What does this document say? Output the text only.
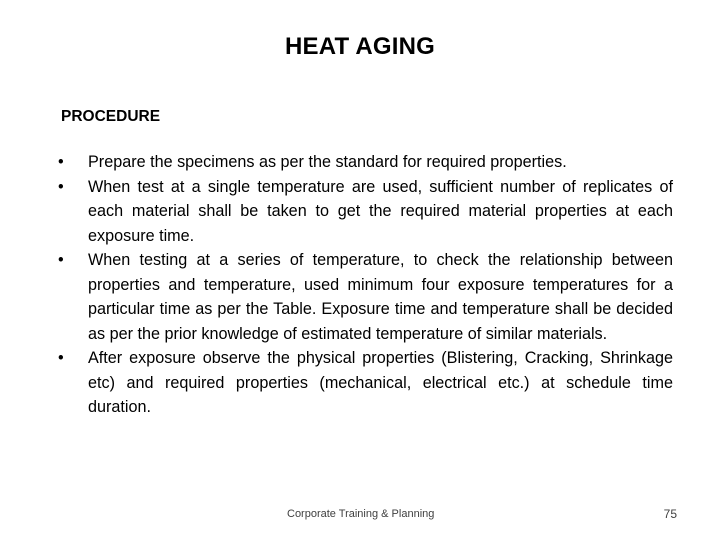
HEAT AGING
PROCEDURE
•	Prepare the specimens as per the standard for required properties.
•	When test at a single temperature are used, sufficient number of replicates of each material shall be taken to get the required material properties at each exposure time.
•	When testing at a series of temperature, to check the relationship between properties and temperature, used minimum four exposure temperatures for a particular time as per the Table. Exposure time and temperature shall be decided as per the prior knowledge of estimated temperature of similar materials.
•	After exposure observe the physical properties (Blistering, Cracking, Shrinkage etc) and required properties (mechanical, electrical etc.) at schedule time duration.
Corporate Training & Planning	75
